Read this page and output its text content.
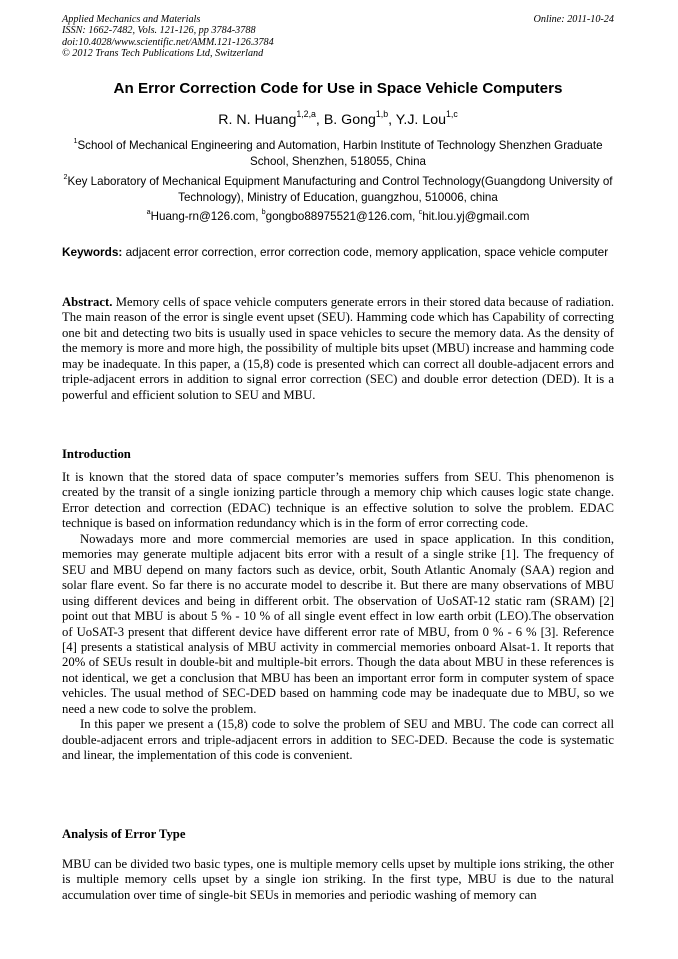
Applied Mechanics and Materials
ISSN: 1662-7482, Vols. 121-126, pp 3784-3788
doi:10.4028/www.scientific.net/AMM.121-126.3784
© 2012 Trans Tech Publications Ltd, Switzerland
Online: 2011-10-24
An Error Correction Code for Use in Space Vehicle Computers
R. N. Huang$^{1,2,a}$, B. Gong$^{1,b}$, Y.J. Lou$^{1,c}$
$^1$School of Mechanical Engineering and Automation, Harbin Institute of Technology Shenzhen Graduate School, Shenzhen, 518055, China
$^2$Key Laboratory of Mechanical Equipment Manufacturing and Control Technology(Guangdong University of Technology), Ministry of Education, guangzhou, 510006, china
$^a$Huang-rn@126.com, $^b$gongbo88975521@126.com, $^c$hit.lou.yj@gmail.com
Keywords: adjacent error correction, error correction code, memory application, space vehicle computer

Abstract. Memory cells of space vehicle computers generate errors in their stored data because of radiation. The main reason of the error is single event upset (SEU). Hamming code which has Capability of correcting one bit and detecting two bits is usually used in space vehicles to secure the memory data. As the density of the memory is more and more high, the possibility of multiple bits upset (MBU) increase and hamming code may be inadequate. In this paper, a (15,8) code is presented which can correct all double-adjacent errors and triple-adjacent errors in addition to signal error correction (SEC) and double error detection (DED). It is a powerful and efficient solution to SEU and MBU.

Introduction

It is known that the stored data of space computer’s memories suffers from SEU. This phenomenon is created by the transit of a single ionizing particle through a memory chip which causes logic state change. Error detection and correction (EDAC) technique is an effective solution to solve the problem. EDAC technique is based on information redundancy which is in the form of error correcting code.

Nowadays more and more commercial memories are used in space application. In this condition, memories may generate multiple adjacent bits error with a result of a single strike [1]. The frequency of SEU and MBU depend on many factors such as device, orbit, South Atlantic Anomaly (SAA) region and solar flare event. So far there is no accurate model to describe it. But there are many observations of MBU using different devices and being in different orbit. The observation of UoSAT-12 static ram (SRAM) [2] point out that MBU is about 5 % - 10 % of all single event effect in low earth orbit (LEO).The observation of UoSAT-3 present that different device have different error rate of MBU, from 0 % - 6 % [3]. Reference [4] presents a statistical analysis of MBU activity in commercial memories onboard Alsat-1. It reports that 20% of SEUs result in double-bit and multiple-bit errors. Though the data about MBU in these references is not identical, we get a conclusion that MBU has been an important error form in computer system of space vehicles. The usual method of SEC-DED based on hamming code may be inadequate due to MBU, so we need a new code to solve the problem.

In this paper we present a (15,8) code to solve the problem of SEU and MBU. The code can correct all double-adjacent errors and triple-adjacent errors in addition to SEC-DED. Because the code is systematic and linear, the implementation of this code is convenient.

Analysis of Error Type

MBU can be divided two basic types, one is multiple memory cells upset by multiple ions striking, the other is multiple memory cells upset by a single ion striking. In the first type, MBU is due to the natural accumulation over time of single-bit SEUs in memories and periodic washing of memory can
